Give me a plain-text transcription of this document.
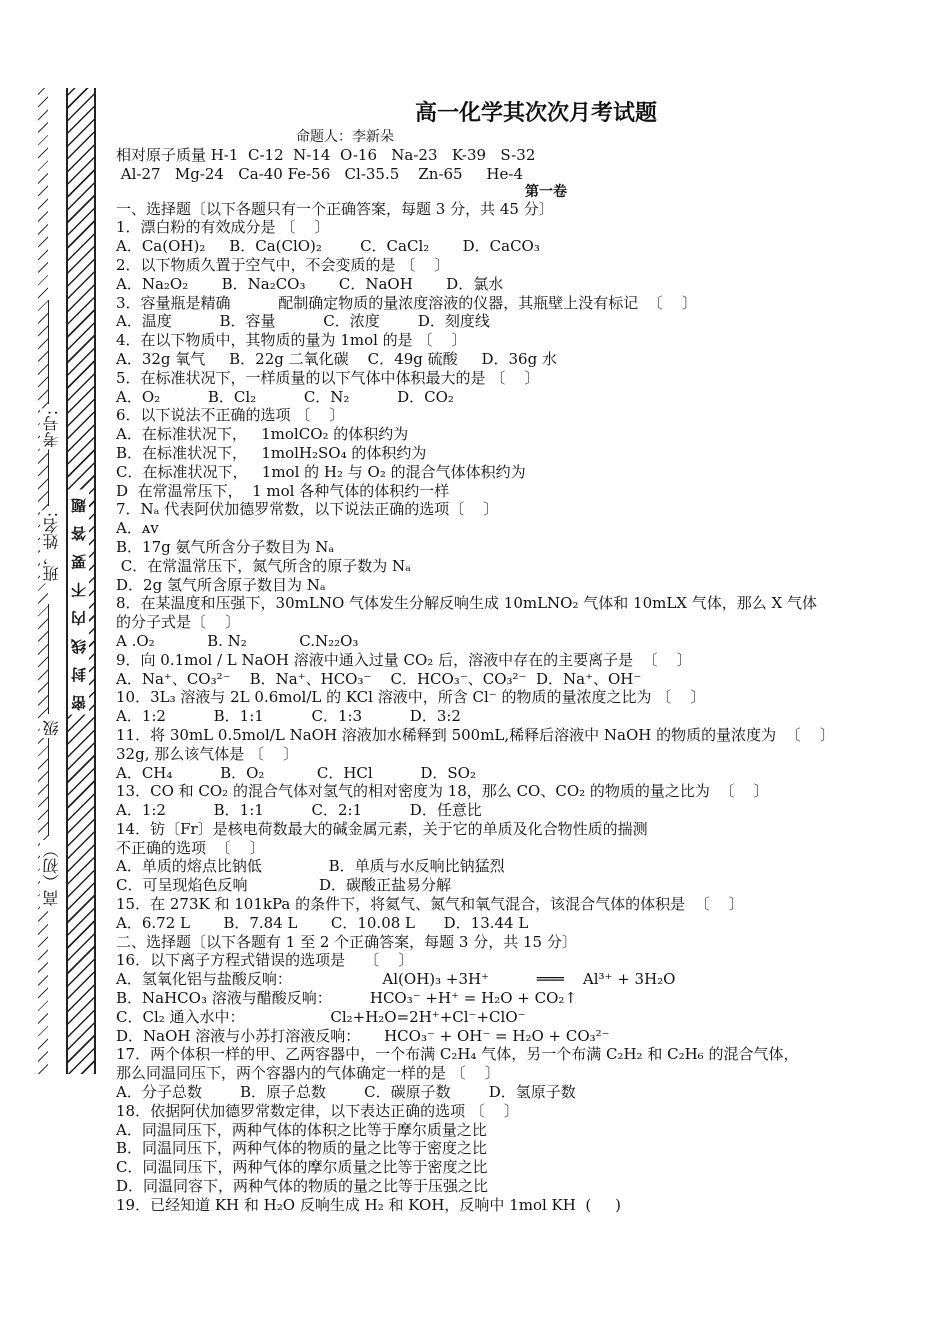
密 封 线 内 不 要 答 题
高（初）
级
班，姓名:
考号:
高一化学其次次月考试题
命题人：李新朵
相对原子质量 H-1  C-12  N-14  O-16   Na-23   K-39   S-32
Al-27   Mg-24   Ca-40 Fe-56   Cl-35.5    Zn-65     He-4
第一卷
一、选择题〔以下各题只有一个正确答案，每题 3 分，共 45 分〕
1．漂白粉的有效成分是 〔    〕
A．Ca(OH)₂     B．Ca(ClO)₂        C．CaCl₂       D．CaCO₃
2．以下物质久置于空气中，不会变质的是 〔    〕
A．Na₂O₂       B．Na₂CO₃       C．NaOH       D．氯水
3．容量瓶是精确          配制确定物质的量浓度溶液的仪器，其瓶壁上没有标记  〔    〕
A．温度          B．容量          C．浓度        D．刻度线
4．在以下物质中，其物质的量为 1mol 的是 〔    〕
A．32g 氧气     B．22g 二氧化碳    C．49g 硫酸     D．36g 水
5．在标准状况下，一样质量的以下气体中体积最大的是 〔    〕
A．O₂          B．Cl₂          C．N₂          D．CO₂
6．以下说法不正确的选项 〔    〕
A．在标准状况下，   1molCO₂ 的体积约为
B．在标准状况下，   1molH₂SO₄ 的体积约为
C．在标准状况下，   1mol 的 H₂ 与 O₂ 的混合气体体积约为
D  在常温常压下，  1 mol 各种气体的体积约一样
7．Nₐ 代表阿伏加德罗常数，以下说法正确的选项〔    〕
A．ᴀᴠ
B．17g 氨气所含分子数目为 Nₐ
C．在常温常压下，氮气所含的原子数为 Nₐ
D．2g 氢气所含原子数目为 Nₐ
8．在某温度和压强下，30mLNO 气体发生分解反响生成 10mLNO₂ 气体和 10mLX 气体，那么 X 气体
的分子式是〔    〕
A .O₂           B. N₂           C.N₂₂O₃
9．向 0.1mol / L NaOH 溶液中通入过量 CO₂ 后，溶液中存在的主要离子是  〔    〕
A．Na⁺、CO₃²⁻    B．Na⁺、HCO₃⁻    C．HCO₃⁻、CO₃²⁻  D．Na⁺、OH⁻
10．3L₃ 溶液与 2L 0.6mol/L 的 KCl 溶液中，所含 Cl⁻ 的物质的量浓度之比为 〔    〕
A．1:2          B．1:1          C．1:3          D．3:2
11．将 30mL 0.5mol/L NaOH 溶液加水稀释到 500mL,稀释后溶液中 NaOH 的物质的量浓度为  〔    〕
32g, 那么该气体是 〔    〕
A．CH₄          B．O₂           C．HCl          D．SO₂
13．CO 和 CO₂ 的混合气体对氢气的相对密度为 18，那么 CO、CO₂ 的物质的量之比为  〔    〕
A．1:2          B．1:1          C．2:1          D．任意比
14．钫〔Fr〕是核电荷数最大的碱金属元素，关于它的单质及化合物性质的揣测
不正确的选项  〔    〕
A．单质的熔点比钠低              B．单质与水反响比钠猛烈
C．可呈现焰色反响               D．碳酸正盐易分解
15．在 273K 和 101kPa 的条件下，将氦气、氮气和氧气混合，该混合气体的体积是  〔    〕
A．6.72 L       B．7.84 L       C．10.08 L      D．13.44 L
二、选择题〔以下各题有 1 至 2 个正确答案，每题 3 分，共 15 分〕
16．以下离子方程式错误的选项是    〔    〕
A．氢氧化铝与盐酸反响：                   Al(OH)₃ +3H⁺          ═══    Al³⁺ + 3H₂O
B．NaHCO₃ 溶液与醋酸反响：        HCO₃⁻ +H⁺ = H₂O + CO₂↑
C．Cl₂ 通入水中：                  Cl₂+H₂O=2H⁺+Cl⁻+ClO⁻
D．NaOH 溶液与小苏打溶液反响：     HCO₃⁻ + OH⁻ = H₂O + CO₃²⁻
17．两个体积一样的甲、乙两容器中，一个布满 C₂H₄ 气体，另一个布满 C₂H₂ 和 C₂H₆ 的混合气体，
那么同温同压下，两个容器内的气体确定一样的是 〔    〕
A．分子总数        B．原子总数        C．碳原子数        D．氢原子数
18．依据阿伏加德罗常数定律，以下表达正确的选项 〔    〕
A．同温同压下，两种气体的体积之比等于摩尔质量之比
B．同温同压下，两种气体的物质的量之比等于密度之比
C．同温同压下，两种气体的摩尔质量之比等于密度之比
D．同温同容下，两种气体的物质的量之比等于压强之比
19．已经知道 KH 和 H₂O 反响生成 H₂ 和 KOH，反响中 1mol KH  (     )
